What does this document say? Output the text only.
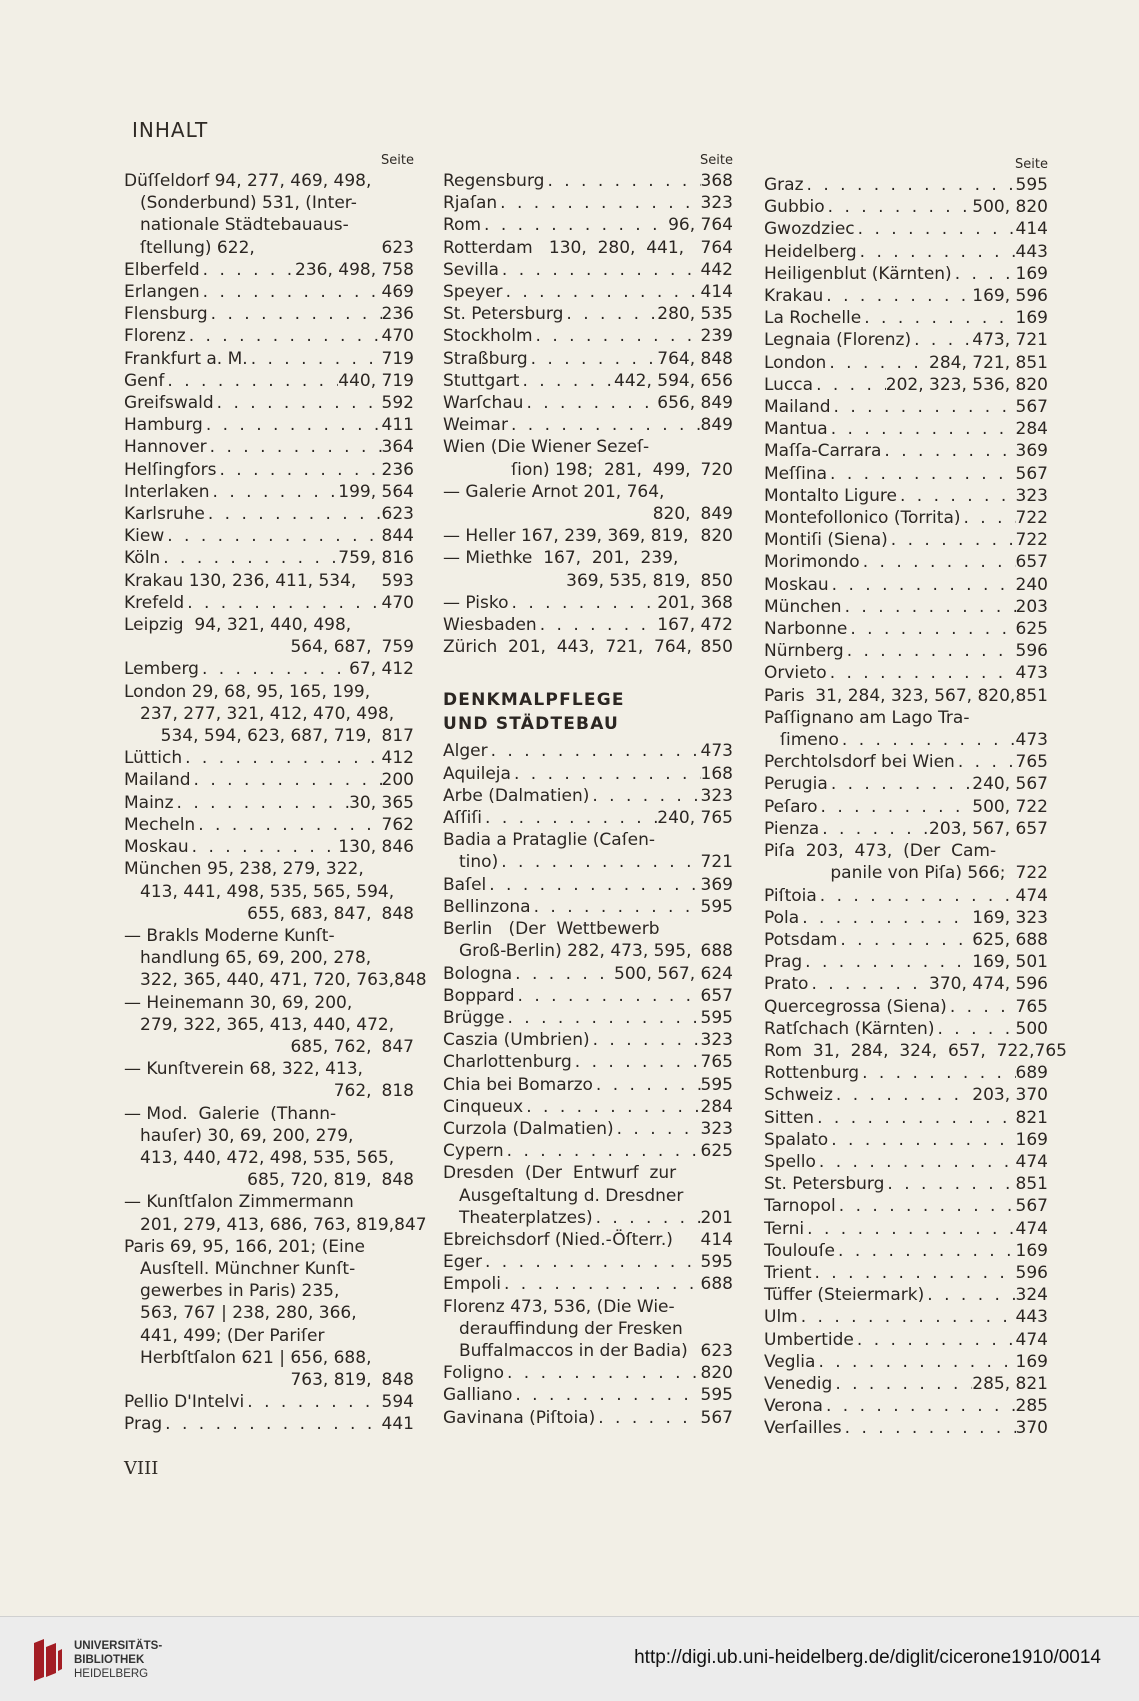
INHALT
Seite
Düſſeldorf 94, 277, 469, 498,
(Sonderbund) 531, (Inter-
nationale Städtebauaus-
ſtellung) 622,	623
Elberfeld . . .	236, 498, 758
Erlangen . . .	469
Flensburg . . .	236
Florenz . . .	470
Frankfurt a. M. . . .	719
Genf . . .	440, 719
Greifswald . . .	592
Hamburg . . .	411
Hannover . . .	364
Helſingfors . . .	236
Interlaken . . .	199, 564
Karlsruhe . . .	623
Kiew . . .	844
Köln . . .	759, 816
Krakau 130, 236, 411, 534, 593
Krefeld . . .	470
Leipzig  94, 321, 440, 498,
564, 687, 759
Lemberg . . .	67, 412
London 29, 68, 95, 165, 199,
237, 277, 321, 412, 470, 498,
534, 594, 623, 687, 719, 817
Lüttich . . .	412
Mailand . . .	200
Mainz . . .	30, 365
Mecheln . . .	762
Moskau . . .	130, 846
München 95, 238, 279, 322,
413, 441, 498, 535, 565, 594,
655, 683, 847, 848
— Brakls Moderne Kunſt-
handlung 65, 69, 200, 278,
322, 365, 440, 471, 720, 763, 848
— Heinemann 30, 69, 200,
279, 322, 365, 413, 440, 472,
685, 762, 847
— Kunſtverein 68, 322, 413,
762, 818
— Mod.  Galerie  (Thann-
hauſer) 30, 69, 200, 279,
413, 440, 472, 498, 535, 565,
685, 720, 819, 848
— Kunſtſalon Zimmermann
201, 279, 413, 686, 763, 819, 847
Paris 69, 95, 166, 201; (Eine
Ausſtell. Münchner Kunſt-
gewerbes in Paris) 235,
563, 767 | 238, 280, 366,
441, 499; (Der Pariſer
Herbſtſalon 621 | 656, 688,
763, 819, 848
Pellio D'Intelvi . . .	594
Prag . . .	441
Seite
Regensburg . . .	368
Rjaſan . . .	323
Rom . . .	96, 764
Rotterdam   130,  280,  441, 764
Sevilla . . .	442
Speyer . . .	414
St. Petersburg . . .	280, 535
Stockholm . . .	239
Straßburg . . .	764, 848
Stuttgart . . .	442, 594, 656
Warſchau . . .	656, 849
Weimar . . .	849
Wien (Die Wiener Sezeſ-
ſion) 198;  281,  499, 720
— Galerie Arnot 201, 764,
820, 849
— Heller 167, 239, 369, 819, 820
— Miethke  167,  201,  239,
369, 535, 819, 850
— Pisko . . .	201, 368
Wiesbaden . . .	167, 472
Zürich  201,  443,  721,  764, 850
DENKMALPFLEGE
UND STÄDTEBAU
Alger . . .	473
Aquileja . . .	168
Arbe (Dalmatien) . . .	323
Aſſiſi . . .	240, 765
Badia a Prataglie (Caſen-
tino) . . .	721
Baſel . . .	369
Bellinzona . . .	595
Berlin   (Der  Wettbewerb
Groß-Berlin) 282, 473, 595, 688
Bologna . . .	500, 567, 624
Boppard . . .	657
Brügge . . .	595
Caszia (Umbrien) . . .	323
Charlottenburg . . .	765
Chia bei Bomarzo . . .	595
Cinqueux . . .	284
Curzola (Dalmatien) . . .	323
Cypern . . .	625
Dresden  (Der  Entwurf  zur
Ausgeſtaltung d. Dresdner
Theaterplatzes) . . .	201
Ebreichsdorf (Nied.-Öſterr.) 414
Eger . . .	595
Empoli . . .	688
Florenz 473, 536, (Die Wie-
derauffindung der Fresken
Buffalmaccos in der Badia) 623
Foligno . . .	820
Galliano . . .	595
Gavinana (Piſtoia) . . .	567
Seite
Graz . . .	595
Gubbio . . .	500, 820
Gwozdziec . . .	414
Heidelberg . . .	443
Heiligenblut (Kärnten) . . .	169
Krakau . . .	169, 596
La Rochelle . . .	169
Legnaia (Florenz) . . .	473, 721
London . . .	284, 721, 851
Lucca . . .	202, 323, 536, 820
Mailand . . .	567
Mantua . . .	284
Maſſa-Carrara . . .	369
Meſſina . . .	567
Montalto Ligure . . .	323
Montefollonico (Torrita) . . .	722
Montiſi (Siena) . . .	722
Morimondo . . .	657
Moskau . . .	240
München . . .	203
Narbonne . . .	625
Nürnberg . . .	596
Orvieto . . .	473
Paris  31, 284, 323, 567, 820, 851
Paſſignano am Lago Tra-
ſimeno . . .	473
Perchtolsdorf bei Wien . . .	765
Perugia . . .	240, 567
Peſaro . . .	500, 722
Pienza . . .	203, 567, 657
Piſa  203,  473,  (Der  Cam-
panile von Piſa) 566; 722
Piſtoia . . .	474
Pola . . .	169, 323
Potsdam . . .	625, 688
Prag . . .	169, 501
Prato . . .	370, 474, 596
Quercegrossa (Siena) . . .	765
Ratſchach (Kärnten) . . .	500
Rom  31,  284,  324,  657,  722, 765
Rottenburg . . .	689
Schweiz . . .	203, 370
Sitten . . .	821
Spalato . . .	169
Spello . . .	474
St. Petersburg . . .	851
Tarnopol . . .	567
Terni . . .	474
Toulouſe . . .	169
Trient . . .	596
Tüffer (Steiermark) . . .	324
Ulm . . .	443
Umbertide . . .	474
Veglia . . .	169
Venedig . . .	285, 821
Verona . . .	285
Verſailles . . .	370
VIII
UNIVERSITÄTS-
BIBLIOTHEK
HEIDELBERG
http://digi.ub.uni-heidelberg.de/diglit/cicerone1910/0014
